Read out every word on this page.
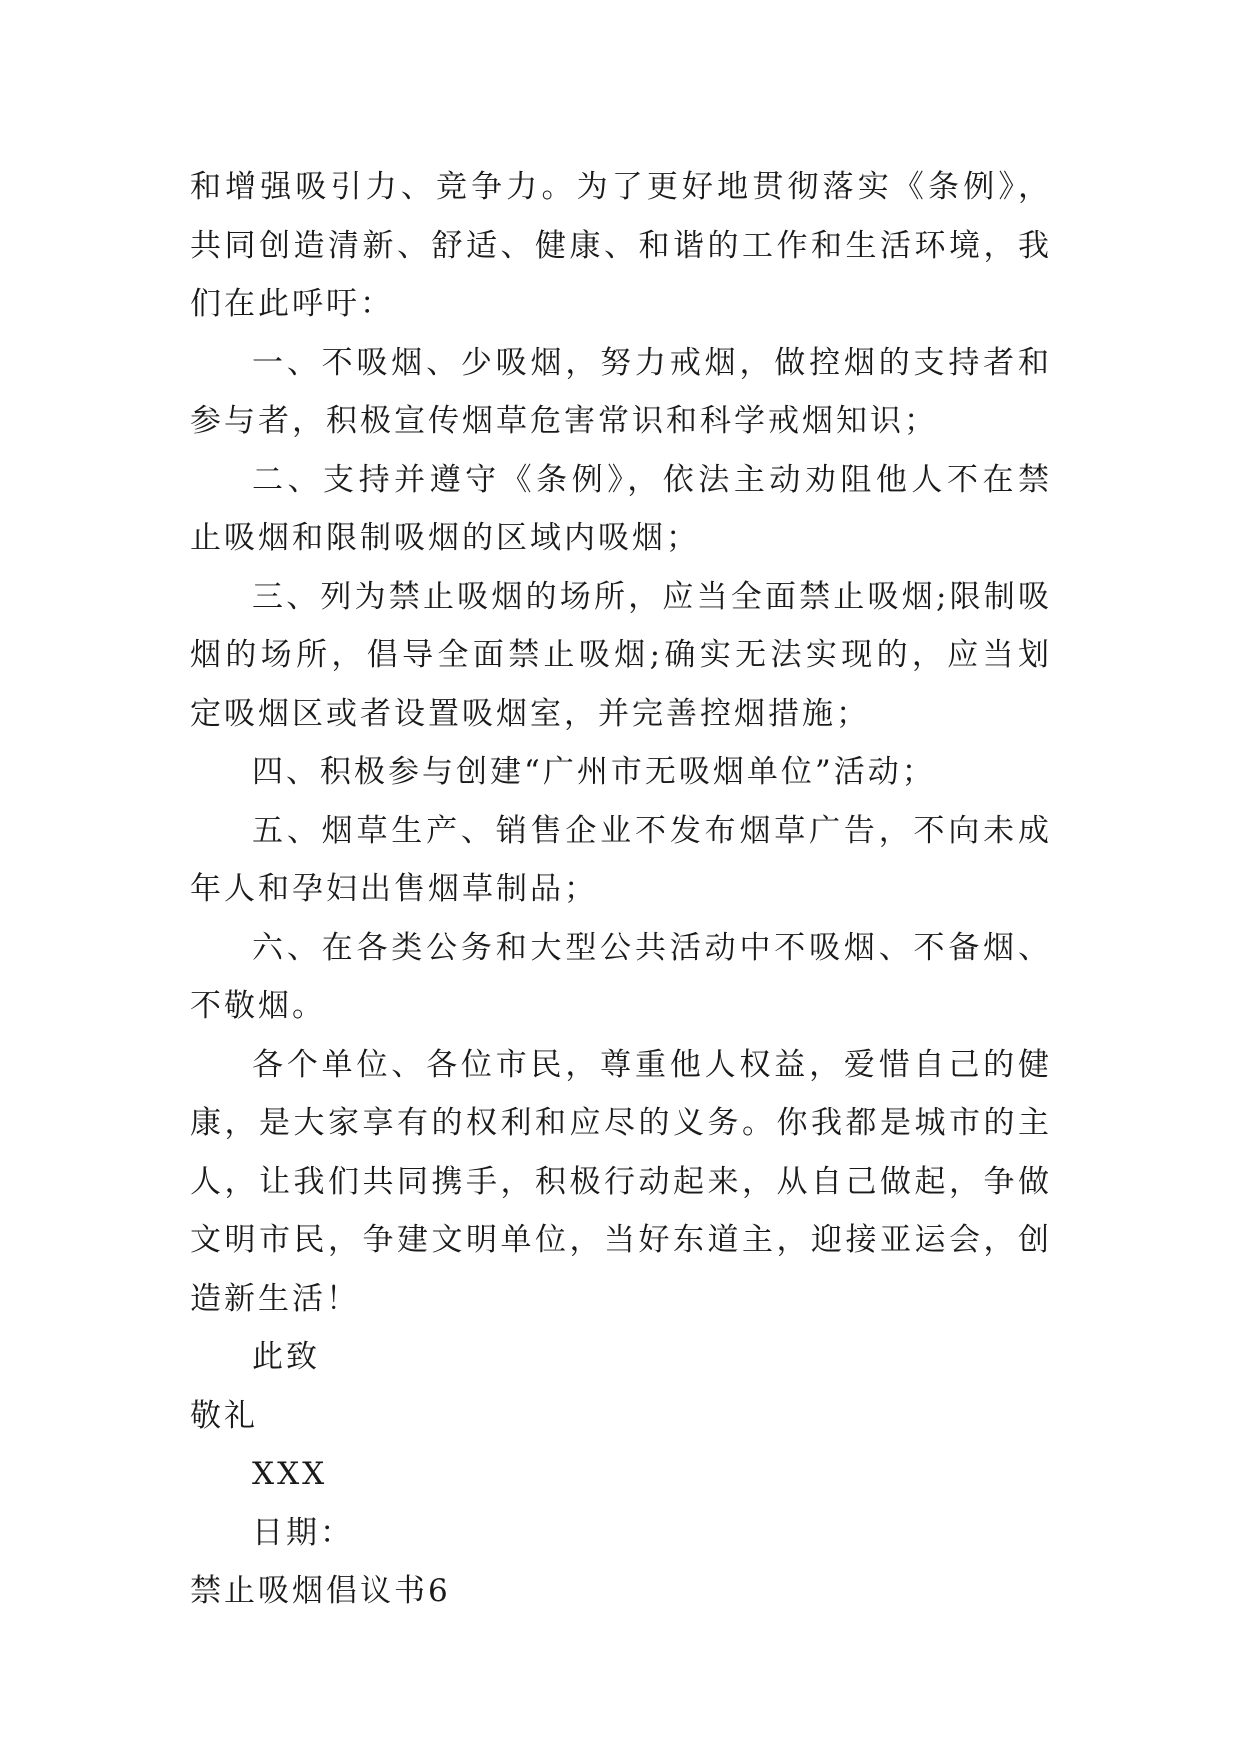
和增强吸引力、竞争力。为了更好地贯彻落实《条例》，共同创造清新、舒适、健康、和谐的工作和生活环境，我们在此呼吁：

一、不吸烟、少吸烟，努力戒烟，做控烟的支持者和参与者，积极宣传烟草危害常识和科学戒烟知识；

二、支持并遵守《条例》，依法主动劝阻他人不在禁止吸烟和限制吸烟的区域内吸烟；

三、列为禁止吸烟的场所，应当全面禁止吸烟;限制吸烟的场所，倡导全面禁止吸烟;确实无法实现的，应当划定吸烟区或者设置吸烟室，并完善控烟措施；

四、积极参与创建“广州市无吸烟单位”活动；

五、烟草生产、销售企业不发布烟草广告，不向未成年人和孕妇出售烟草制品；

六、在各类公务和大型公共活动中不吸烟、不备烟、不敬烟。

各个单位、各位市民，尊重他人权益，爱惜自己的健康，是大家享有的权利和应尽的义务。你我都是城市的主人，让我们共同携手，积极行动起来，从自己做起，争做文明市民，争建文明单位，当好东道主，迎接亚运会，创造新生活！

此致

敬礼

XXX

日期：

禁止吸烟倡议书6
